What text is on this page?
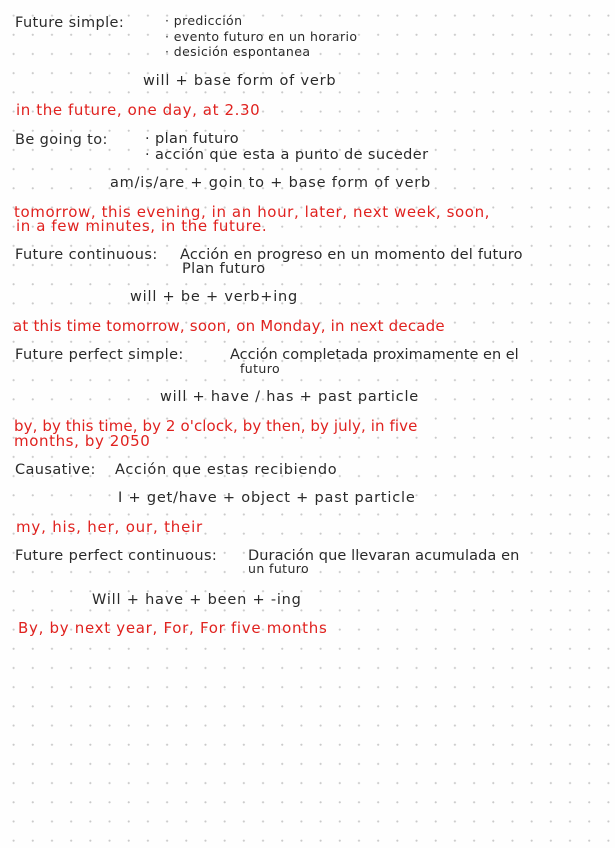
Future simple:	· predicción
· evento futuro en un horario
· desición espontanea
will + base form of verb
in the future, one day, at 2.30
Be going to:	· plan futuro
· acción que esta a punto de suceder
am/is/are + goin to + base form of verb
tomorrow, this evening, in an hour, later, next week, soon,
in a few minutes, in the future.
Future continuous: Acción en progreso en un momento del futuro
Plan futuro
will + be + verb+ing
at this time tomorrow, soon, on Monday, in next decade
Future perfect simple:	Acción completada proximamente en el
futuro
will + have / has + past particle
by, by this time, by 2 o'clock, by then, by july, in five
months, by 2050
Causative: Acción que estas recibiendo
I + get/have + object + past particle
my, his, her, our, their
Future perfect continuous: Duración que llevaran acumulada en
un futuro
Will + have + been + -ing
By, by next year, For, For five months
